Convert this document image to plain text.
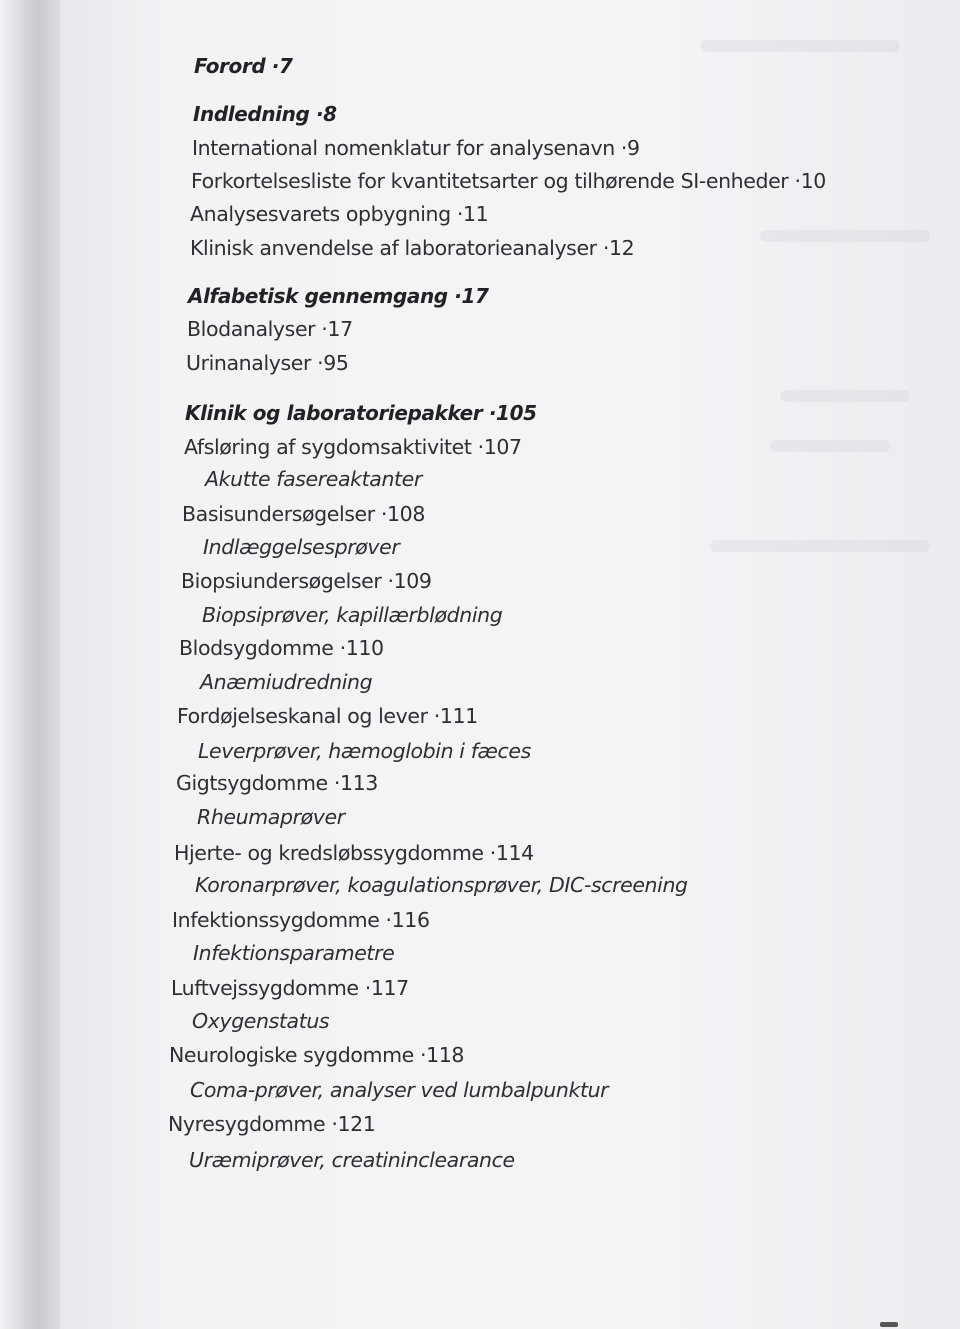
Forord · 7
Indledning · 8
International nomenklatur for analysenavn · 9
Forkortelsesliste for kvantitetsarter og tilhørende SI-enheder · 10
Analysesvarets opbygning · 11
Klinisk anvendelse af laboratorieanalyser · 12
Alfabetisk gennemgang · 17
Blodanalyser · 17
Urinanalyser · 95
Klinik og laboratoriepakker · 105
Afsløring af sygdomsaktivitet · 107
Akutte fasereaktanter
Basisundersøgelser · 108
Indlæggelsesprøver
Biopsiundersøgelser · 109
Biopsiprøver, kapillærblødning
Blodsygdomme · 110
Anæmiudredning
Fordøjelseskanal og lever · 111
Leverprøver, hæmoglobin i fæces
Gigtsygdomme · 113
Rheumaprøver
Hjerte- og kredsløbssygdomme · 114
Koronarprøver, koagulationsprøver, DIC-screening
Infektionssygdomme · 116
Infektionsparametre
Luftvejssygdomme · 117
Oxygenstatus
Neurologiske sygdomme · 118
Coma-prøver, analyser ved lumbalpunktur
Nyresygdomme · 121
Uræmiprøver, creatininclearance
